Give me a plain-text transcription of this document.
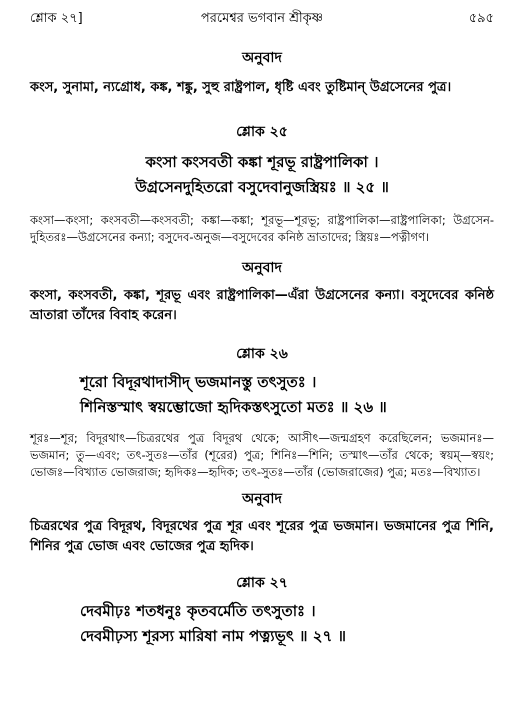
শ্লোক ২৭]	পরমেশ্বর ভগবান শ্রীকৃষ্ণ	৫৯৫
অনুবাদ
কংস, সুনামা, ন্যগ্রোধ, কঙ্ক, শঙ্কু, সুহু রাষ্ট্রপাল, ধৃষ্টি এবং তুষ্টিমান্ উগ্রসেনের পুত্র।
শ্লোক ২৫
কংসা কংসবতী কঙ্কা শূরভূ রাষ্ট্রপালিকা ।
উগ্রসেনদুহিতরো বসুদেবানুজস্ত্রিয়ঃ ॥ ২৫ ॥
কংসা—কংসা; কংসবতী—কংসবতী; কঙ্কা—কঙ্কা; শূরভূ—শূরভূ; রাষ্ট্রপালিকা—রাষ্ট্রপালিকা; উগ্রসেন-দুহিতরঃ—উগ্রসেনের কন্যা; বসুদেব-অনুজ—বসুদেবের কনিষ্ঠ ভ্রাতাদের; স্ত্রিয়ঃ—পত্নীগণ।
অনুবাদ
কংসা, কংসবতী, কঙ্কা, শূরভূ এবং রাষ্ট্রপালিকা—এঁরা উগ্রসেনের কন্যা। বসুদেবের কনিষ্ঠ ভ্রাতারা তাঁদের বিবাহ করেন।
শ্লোক ২৬
শূরো বিদূরথাদাসীদ্ ভজমানস্তু তৎসুতঃ ।
শিনিস্তস্মাৎ স্বয়ম্ভোজো হৃদিকস্তৎসুতো মতঃ ॥ ২৬ ॥
শূরঃ—শূর; বিদূরথাৎ—চিত্ররথের পুত্র বিদূরথ থেকে; আসীৎ—জন্মগ্রহণ করেছিলেন; ভজমানঃ—ভজমান; তু—এবং; তৎ-সুতঃ—তাঁর (শূরের) পুত্র; শিনিঃ—শিনি; তস্মাৎ—তাঁর থেকে; স্বয়ম্—স্বয়ং; ভোজঃ—বিখ্যাত ভোজরাজ; হৃদিকঃ—হৃদিক; তৎ-সুতঃ—তাঁর (ভোজরাজের) পুত্র; মতঃ—বিখ্যাত।
অনুবাদ
চিত্ররথের পুত্র বিদূরথ, বিদূরথের পুত্র শূর এবং শূরের পুত্র ভজমান। ভজমানের পুত্র শিনি, শিনির পুত্র ভোজ এবং ভোজের পুত্র হৃদিক।
শ্লোক ২৭
দেবমীঢ়ঃ শতধনুঃ কৃতবর্মেতি তৎসুতাঃ ।
দেবমীঢ়স্য শূরস্য মারিষা নাম পত্ন্যভূৎ ॥ ২৭ ॥
